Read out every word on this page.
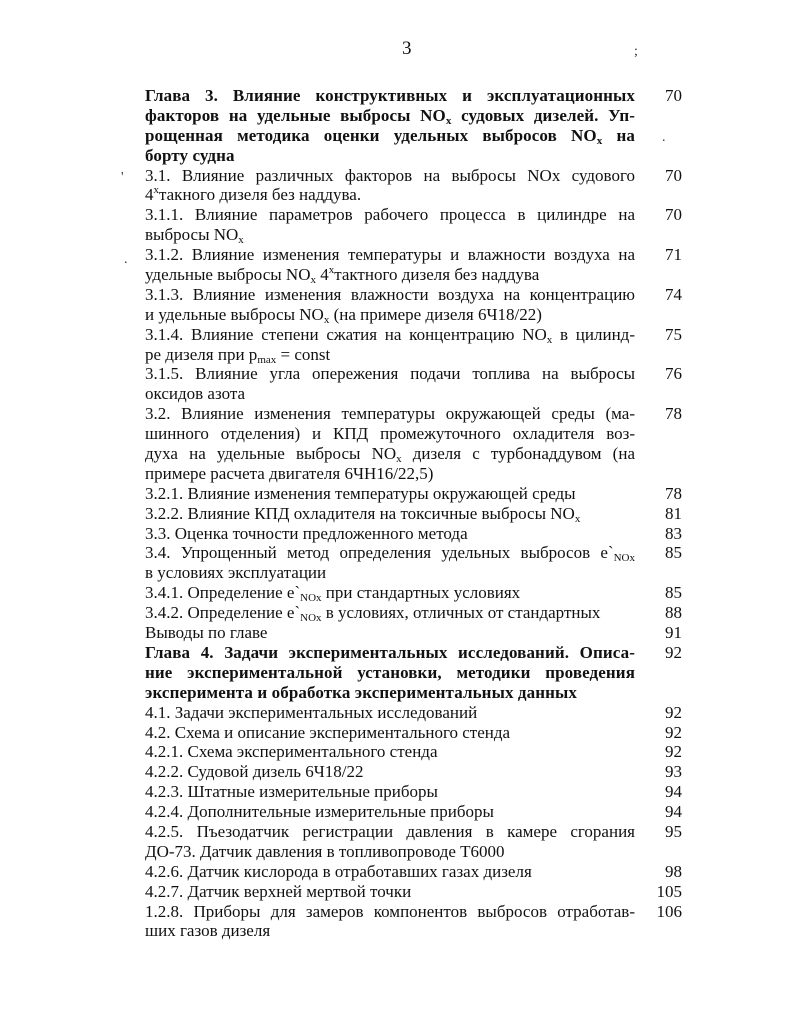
3	;
.
'
.
Глава 3. Влияние конструктивных и эксплуатационных
факторов на удельные выбросы $NO_x$ судовых дизелей. Уп-
рощенная методика оценки удельных выбросов $NO_x$ на
борту судна
70
3.1. Влияние различных факторов на выбросы NOx судового
4$^x$такного дизеля без наддува.
70
3.1.1. Влияние параметров рабочего процесса в цилиндре на
выбросы $NO_x$
70
3.1.2. Влияние изменения температуры и влажности воздуха на
удельные выбросы $NO_x$ 4$^x$тактного дизеля без наддува
71
3.1.3. Влияние изменения влажности воздуха на концентрацию
и удельные выбросы $NO_x$ (на примере дизеля 6Ч18/22)
74
3.1.4. Влияние степени сжатия на концентрацию $NO_x$ в цилинд-
ре дизеля при $p_{max}$ = const
75
3.1.5. Влияние угла опережения подачи топлива на выбросы
оксидов азота
76
3.2. Влияние изменения температуры окружающей среды (ма-
шинного отделения) и КПД промежуточного охладителя воз-
духа на удельные выбросы $NO_x$ дизеля с турбонаддувом (на
примере расчета двигателя 6ЧН16/22,5)
78
3.2.1. Влияние изменения температуры окружающей среды	78
3.2.2. Влияние КПД охладителя на токсичные выбросы $NO_x$	81
3.3. Оценка точности предложенного метода	83
3.4. Упрощенный метод определения удельных выбросов $e`_{NOx}$
в условиях эксплуатации
85
3.4.1. Определение $e`_{NOx}$ при стандартных условиях	85
3.4.2. Определение $e`_{NOx}$ в условиях, отличных от стандартных	88
Выводы по главе	91
Глава 4. Задачи экспериментальных исследований. Описа-
ние экспериментальной установки, методики проведения
эксперимента и обработка экспериментальных данных
92
4.1. Задачи экспериментальных исследований	92
4.2. Схема и описание экспериментального стенда	92
4.2.1. Схема экспериментального стенда	92
4.2.2. Судовой дизель 6Ч18/22	93
4.2.3. Штатные измерительные приборы	94
4.2.4. Дополнительные измерительные приборы	94
4.2.5. Пъезодатчик регистрации давления в камере сгорания
ДО-73. Датчик давления в топливопроводе Т6000
95
4.2.6. Датчик кислорода в отработавших газах дизеля	98
4.2.7. Датчик верхней мертвой точки	105
1.2.8. Приборы для замеров компонентов выбросов отработав-
ших газов дизеля
106
